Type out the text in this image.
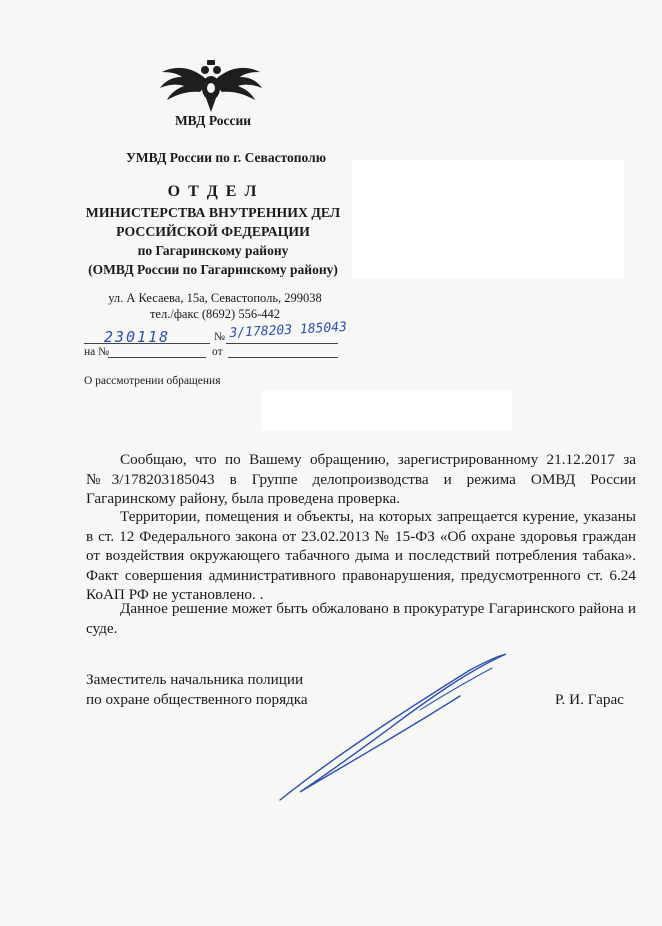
МВД России
УМВД России по г. Севастополю
О Т Д Е Л
МИНИСТЕРСТВА ВНУТРЕННИХ ДЕЛ
РОССИЙСКОЙ ФЕДЕРАЦИИ
по Гагаринскому району
(ОМВД России по Гагаринскому району)
ул. А Кесаева, 15а, Севастополь, 299038
тел./факс (8692) 556-442
230118	№ 3/178203 185043
на №	от
О рассмотрении обращения
Сообщаю, что по Вашему обращению, зарегистрированному 21.12.2017 за №3/178203185043 в Группе делопроизводства и режима ОМВД России Гагаринскому району, была проведена проверка.
Территории, помещения и объекты, на которых запрещается курение, указаны в ст. 12 Федерального закона от 23.02.2013 № 15-ФЗ «Об охране здоровья граждан от воздействия окружающего табачного дыма и последствий потребления табака». Факт совершения административного правонарушения, предусмотренного ст. 6.24 КоАП РФ не установлено. .
Данное решение может быть обжаловано в прокуратуре Гагаринского района и суде.
Заместитель начальника полиции
по охране общественного порядка	Р. И. Гарас
